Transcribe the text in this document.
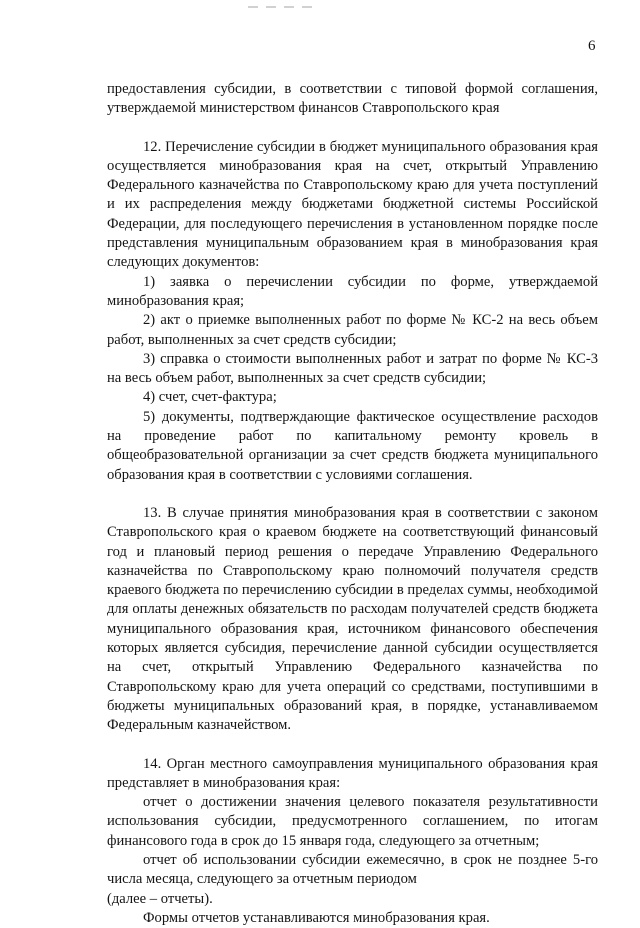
6

предоставления субсидии, в соответствии с типовой формой соглашения, утверждаемой министерством финансов Ставропольского края

12. Перечисление субсидии в бюджет муниципального образования края осуществляется минобразования края на счет, открытый Управлению Федерального казначейства по Ставропольскому краю для учета поступлений и их распределения между бюджетами бюджетной системы Российской Федерации, для последующего перечисления в установленном порядке после представления муниципальным образованием края в минобразования края следующих документов:

1) заявка о перечислении субсидии по форме, утверждаемой минобразования края;

2) акт о приемке выполненных работ по форме № КС-2 на весь объем работ, выполненных за счет средств субсидии;

3) справка о стоимости выполненных работ и затрат по форме № КС-3 на весь объем работ, выполненных за счет средств субсидии;

4) счет, счет-фактура;

5) документы, подтверждающие фактическое осуществление расходов на проведение работ по капитальному ремонту кровель в общеобразовательной организации за счет средств бюджета муниципального образования края в соответствии с условиями соглашения.

13. В случае принятия минобразования края в соответствии с законом Ставропольского края о краевом бюджете на соответствующий финансовый год и плановый период решения о передаче Управлению Федерального казначейства по Ставропольскому краю полномочий получателя средств краевого бюджета по перечислению субсидии в пределах суммы, необходимой для оплаты денежных обязательств по расходам получателей средств бюджета муниципального образования края, источником финансового обеспечения которых является субсидия, перечисление данной субсидии осуществляется на счет, открытый Управлению Федерального казначейства по Ставропольскому краю для учета операций со средствами, поступившими в бюджеты муниципальных образований края, в порядке, устанавливаемом Федеральным казначейством.

14. Орган местного самоуправления муниципального образования края представляет в минобразования края:

отчет о достижении значения целевого показателя результативности использования субсидии, предусмотренного соглашением, по итогам финансового года в срок до 15 января года, следующего за отчетным;

отчет об использовании субсидии ежемесячно, в срок не позднее 5-го числа месяца, следующего за отчетным периодом

(далее – отчеты).

Формы отчетов устанавливаются минобразования края.
